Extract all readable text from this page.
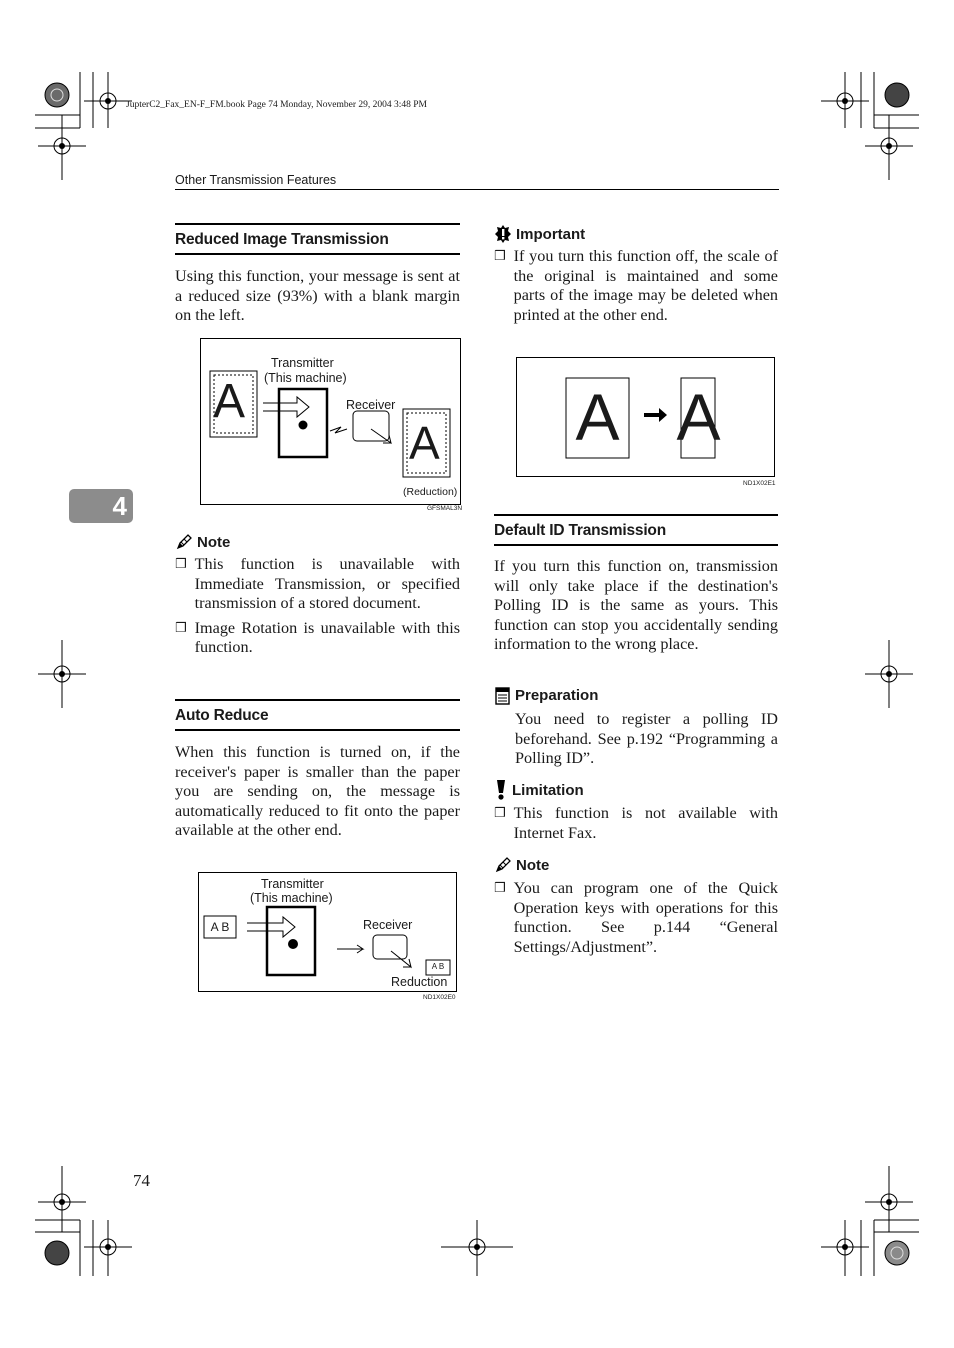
JupterC2_Fax_EN-F_FM.book Page 74 Monday, November 29, 2004 3:48 PM
Other Transmission Features
4
Reduced Image Transmission
Using this function, your message is sent at a reduced size (93%) with a blank margin on the left.
A
A
Transmitter
(This machine)
Receiver
(Reduction)
GFSMAL3N
Note
❒ This function is unavailable with Immediate Transmission, or specified transmission of a stored document.
❒ Image Rotation is unavailable with this function.
Auto Reduce
When this function is turned on, if the receiver's paper is smaller than the paper you are sending on, the message is automatically reduced to fit onto the paper available at the other end.
A B
A B
Transmitter
(This machine)
Receiver
Reduction
ND1X02E0
74
Important
❒ If you turn this function off, the scale of the original is maintained and some parts of the image may be deleted when printed at the other end.
A A
ND1X02E1
Default ID Transmission
If you turn this function on, transmission will only take place if the destination's Polling ID is the same as yours. This function can stop you accidentally sending information to the wrong place.
Preparation
You need to register a polling ID beforehand. See p.192 “Programming a Polling ID”.
Limitation
❒ This function is not available with Internet Fax.
Note
❒ You can program one of the Quick Operation keys with operations for this function. See p.144 “General Settings/Adjustment”.
